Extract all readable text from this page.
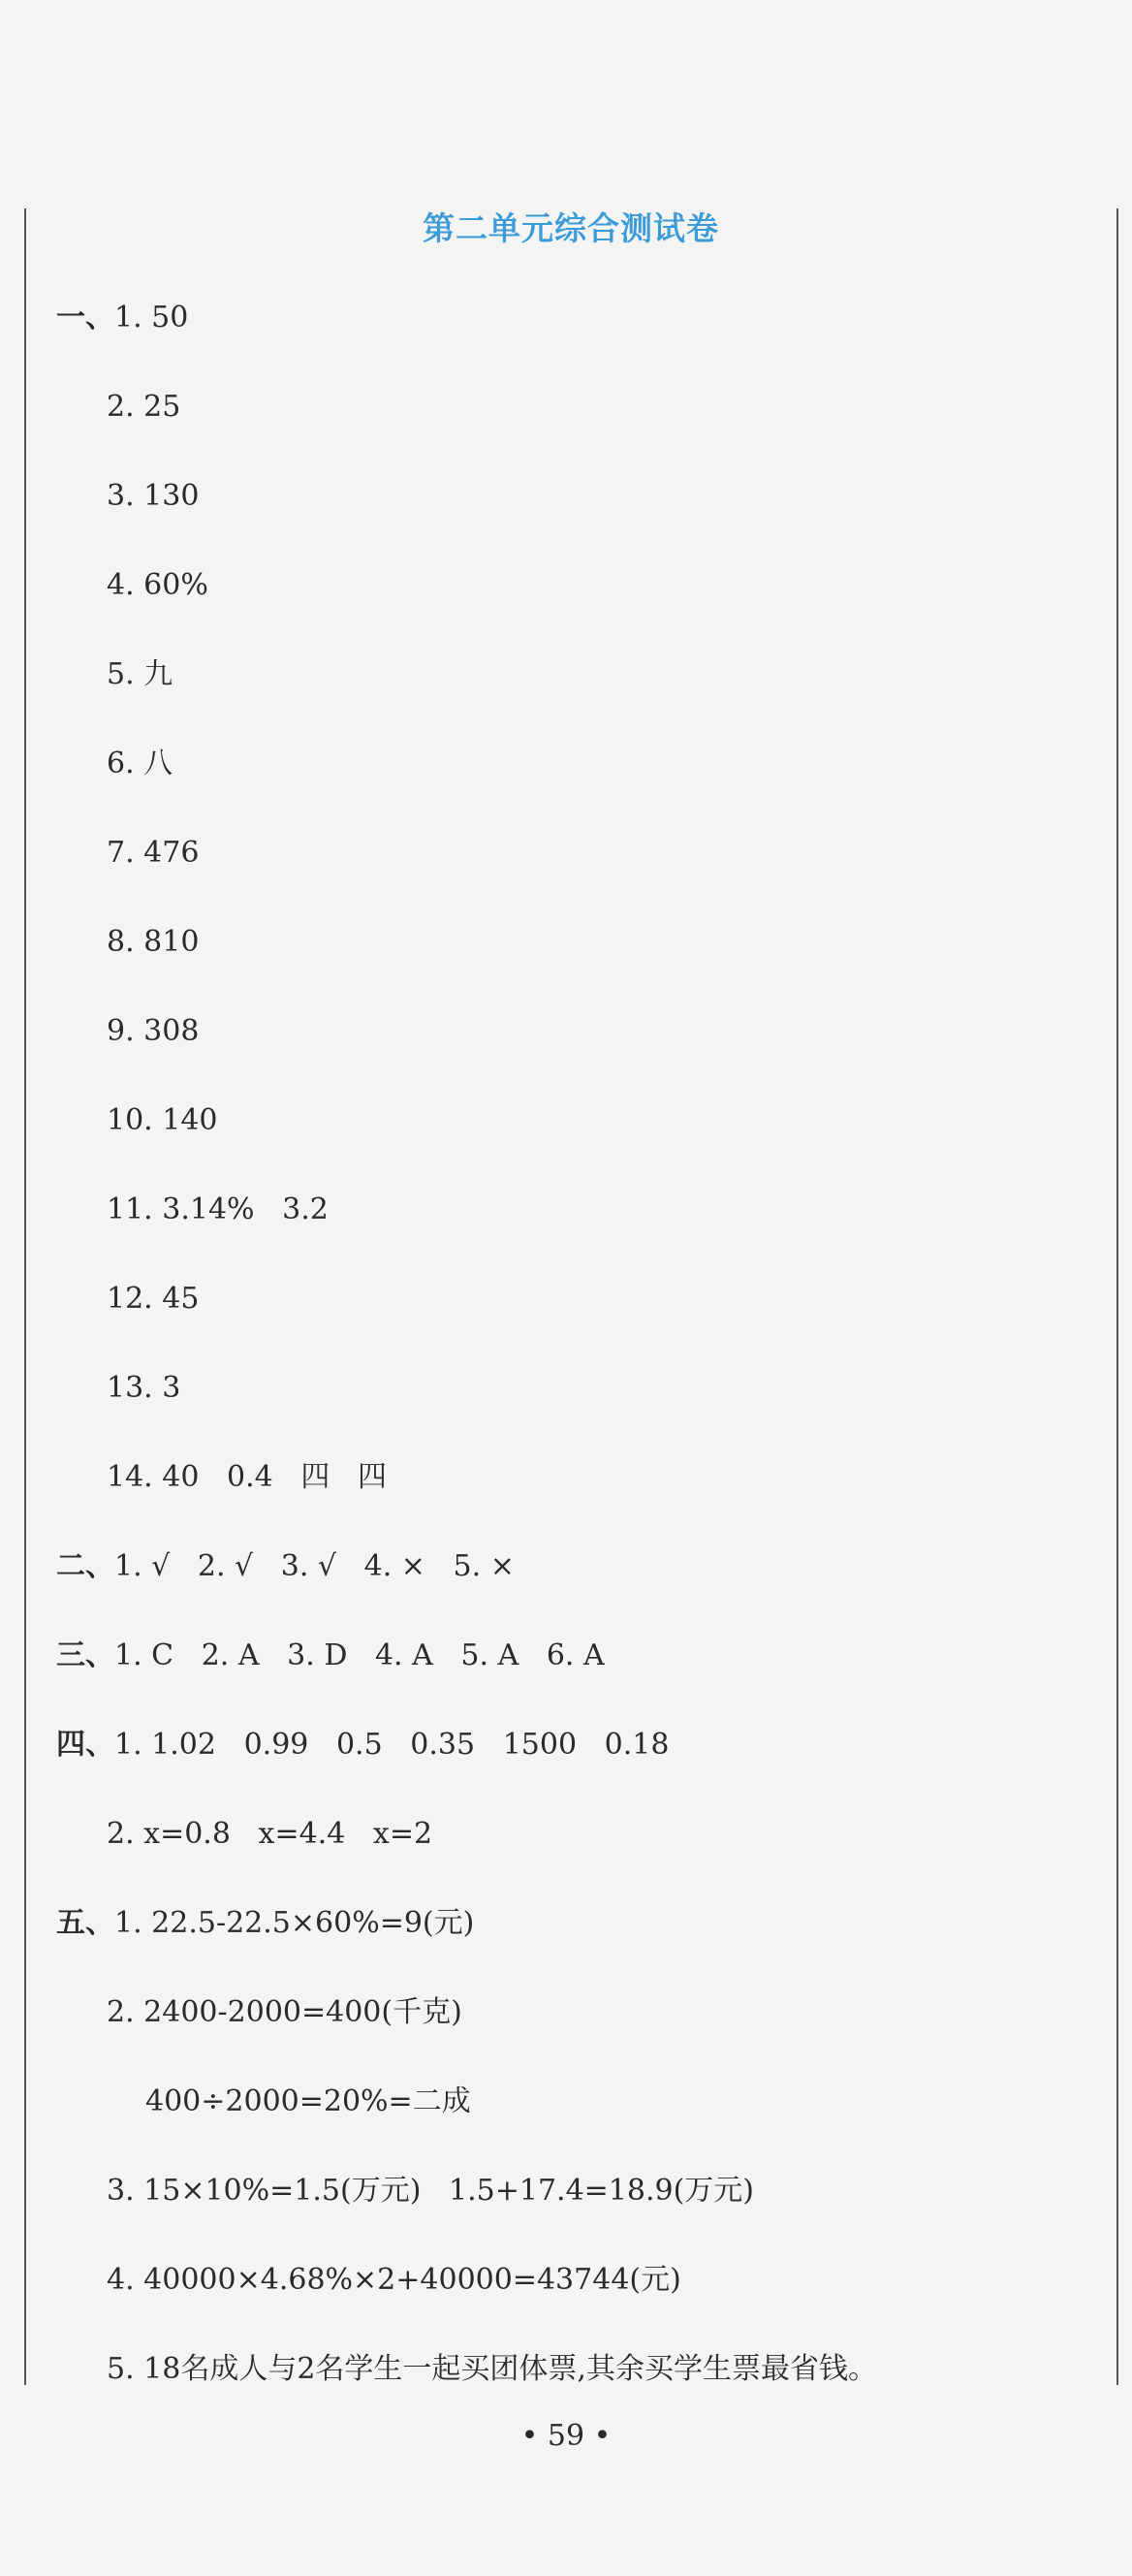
第二单元综合测试卷
一、1. 50
2. 25
3. 130
4. 60%
5. 九
6. 八
7. 476
8. 810
9. 308
10. 140
11. 3.14%   3.2
12. 45
13. 3
14. 40   0.4   四   四
二、1. √   2. √   3. √   4. ×   5. ×
三、1. C   2. A   3. D   4. A   5. A   6. A
四、1. 1.02   0.99   0.5   0.35   1500   0.18
2. x=0.8   x=4.4   x=2
五、1. 22.5-22.5×60%=9(元)
2. 2400-2000=400(千克)
400÷2000=20%=二成
3. 15×10%=1.5(万元)   1.5+17.4=18.9(万元)
4. 40000×4.68%×2+40000=43744(元)
5. 18名成人与2名学生一起买团体票,其余买学生票最省钱。
• 59 •
